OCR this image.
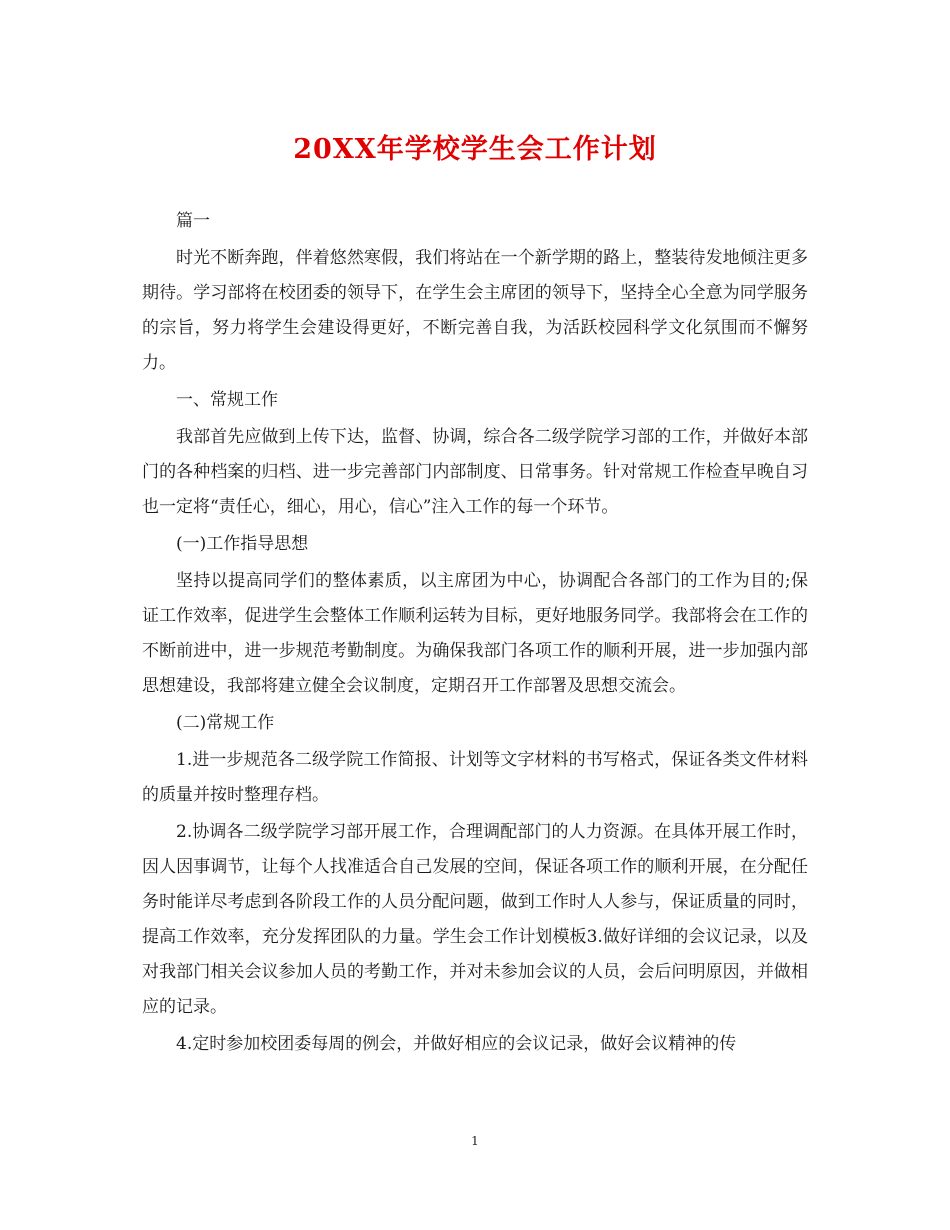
20XX年学校学生会工作计划

篇一

时光不断奔跑，伴着悠然寒假，我们将站在一个新学期的路上，整装待发地倾注更多期待。学习部将在校团委的领导下，在学生会主席团的领导下，坚持全心全意为同学服务的宗旨，努力将学生会建设得更好，不断完善自我，为活跃校园科学文化氛围而不懈努力。

一、常规工作

我部首先应做到上传下达，监督、协调，综合各二级学院学习部的工作，并做好本部门的各种档案的归档、进一步完善部门内部制度、日常事务。针对常规工作检查早晚自习也一定将“责任心，细心，用心，信心”注入工作的每一个环节。

(一)工作指导思想

坚持以提高同学们的整体素质，以主席团为中心，协调配合各部门的工作为目的;保证工作效率，促进学生会整体工作顺利运转为目标，更好地服务同学。我部将会在工作的不断前进中，进一步规范考勤制度。为确保我部门各项工作的顺利开展，进一步加强内部思想建设，我部将建立健全会议制度，定期召开工作部署及思想交流会。

(二)常规工作

1.进一步规范各二级学院工作简报、计划等文字材料的书写格式，保证各类文件材料的质量并按时整理存档。

2.协调各二级学院学习部开展工作，合理调配部门的人力资源。在具体开展工作时，因人因事调节，让每个人找准适合自己发展的空间，保证各项工作的顺利开展，在分配任务时能详尽考虑到各阶段工作的人员分配问题，做到工作时人人参与，保证质量的同时，提高工作效率，充分发挥团队的力量。学生会工作计划模板3.做好详细的会议记录，以及对我部门相关会议参加人员的考勤工作，并对未参加会议的人员，会后问明原因，并做相应的记录。

4.定时参加校团委每周的例会，并做好相应的会议记录，做好会议精神的传

1
